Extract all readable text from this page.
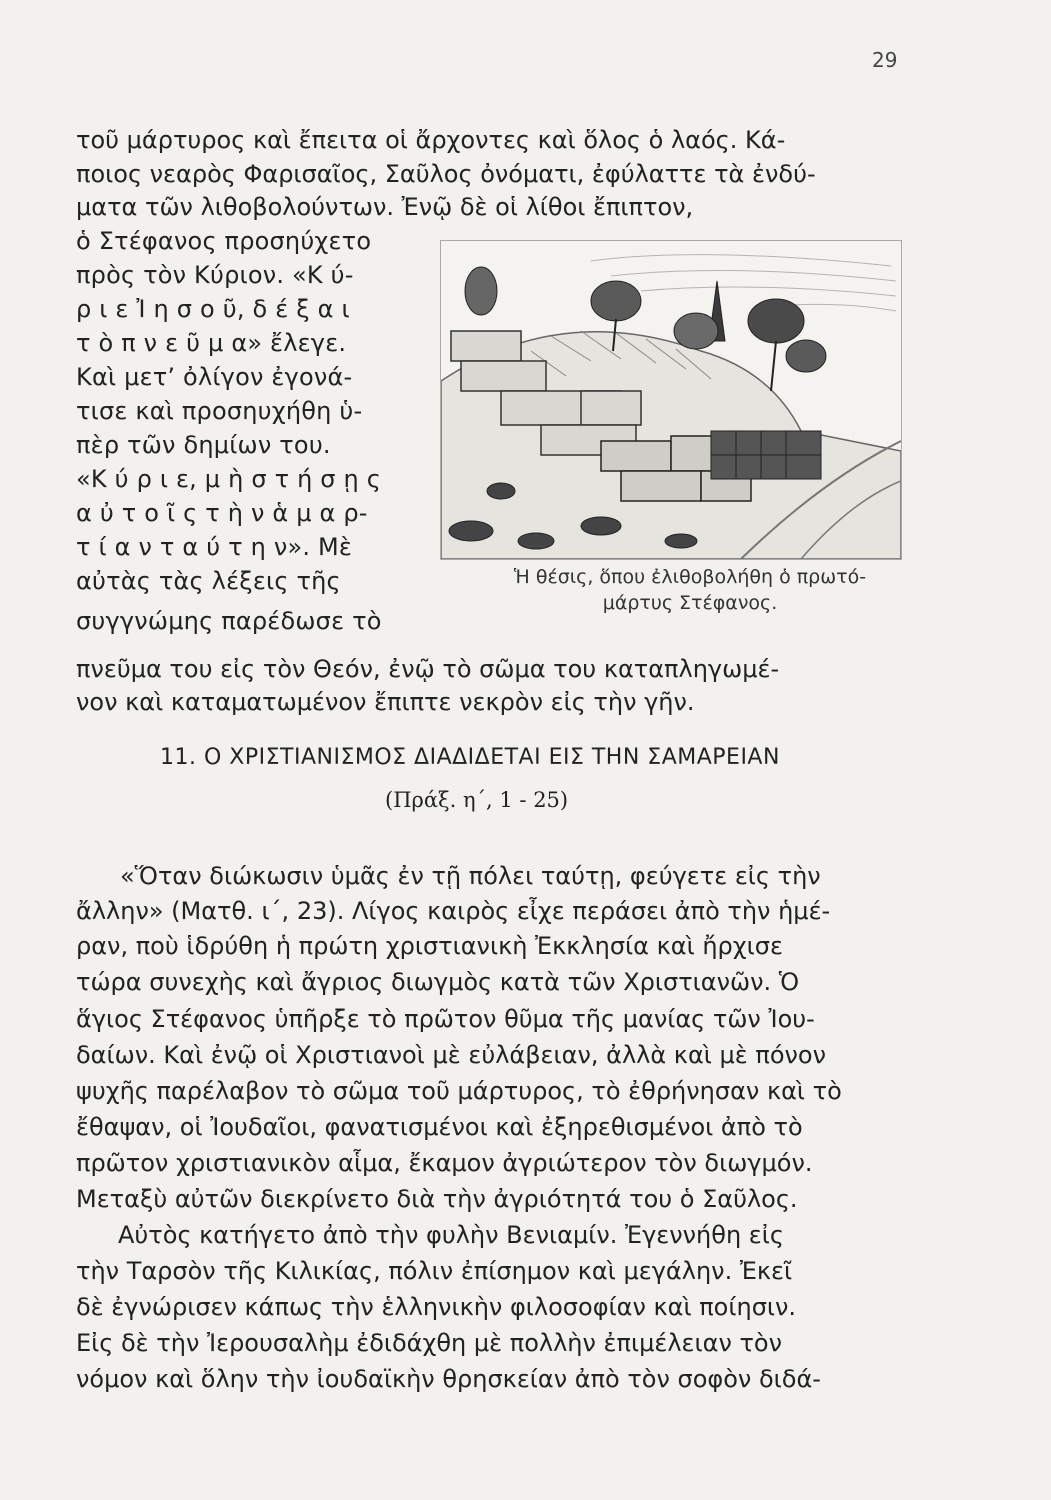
29
τοῦ μάρτυρος καὶ ἔπειτα οἱ ἄρχοντες καὶ ὅλος ὁ λαός. Κά-
ποιος νεαρὸς Φαρισαῖος, Σαῦλος ὀνόματι, ἐφύλαττε τὰ ἐνδύ-
ματα τῶν λιθοβολούντων. Ἐνῷ δὲ οἱ λίθοι ἔπιπτον,
ὁ Στέφανος προσηύχετο
πρὸς τὸν Κύριον. «Κ ύ-
ρ ι ε Ἰ η σ ο ῦ, δ έ ξ α ι
τ ὸ π ν ε ῦ μ α» ἔλεγε.
Καὶ μετ’ ὀλίγον ἐγονά-
τισε καὶ προσηυχήθη ὑ-
πὲρ τῶν δημίων του.
«Κ ύ ρ ι ε, μ ὴ σ τ ή σ ῃ ς
α ὐ τ ο ῖ ς τ ὴ ν ἁ μ α ρ-
τ ί α ν τ α ύ τ η ν». Μὲ
αὐτὰς τὰς λέξεις τῆς
συγγνώμης παρέδωσε τὸ
Ἡ θέσις, ὅπου ἐλιθοβολήθη ὁ πρωτό-
μάρτυς Στέφανος.
πνεῦμα του εἰς τὸν Θεόν, ἐνῷ τὸ σῶμα του καταπληγωμέ-
νον καὶ καταματωμένον ἔπιπτε νεκρὸν εἰς τὴν γῆν.
11. Ο ΧΡΙΣΤΙΑΝΙΣΜΟΣ ΔΙΑΔΙΔΕΤΑΙ ΕΙΣ ΤΗΝ ΣΑΜΑΡΕΙΑΝ
(Πράξ. η΄, 1 - 25)
«Ὅταν διώκωσιν ὑμᾶς ἐν τῇ πόλει ταύτῃ, φεύγετε εἰς τὴν
ἄλλην» (Ματθ. ι΄, 23). Λίγος καιρὸς εἶχε περάσει ἀπὸ τὴν ἡμέ-
ραν, ποὺ ἱδρύθη ἡ πρώτη χριστιανικὴ Ἐκκλησία καὶ ἤρχισε
τώρα συνεχὴς καὶ ἄγριος διωγμὸς κατὰ τῶν Χριστιανῶν. Ὁ
ἅγιος Στέφανος ὑπῆρξε τὸ πρῶτον θῦμα τῆς μανίας τῶν Ἰου-
δαίων. Καὶ ἐνῷ οἱ Χριστιανοὶ μὲ εὐλάβειαν, ἀλλὰ καὶ μὲ πόνον
ψυχῆς παρέλαβον τὸ σῶμα τοῦ μάρτυρος, τὸ ἐθρήνησαν καὶ τὸ
ἔθαψαν, οἱ Ἰουδαῖοι, φανατισμένοι καὶ ἐξηρεθισμένοι ἀπὸ τὸ
πρῶτον χριστιανικὸν αἷμα, ἔκαμον ἀγριώτερον τὸν διωγμόν.
Μεταξὺ αὐτῶν διεκρίνετο διὰ τὴν ἀγριότητά του ὁ Σαῦλος.
Αὐτὸς κατήγετο ἀπὸ τὴν φυλὴν Βενιαμίν. Ἐγεννήθη εἰς
τὴν Ταρσὸν τῆς Κιλικίας, πόλιν ἐπίσημον καὶ μεγάλην. Ἐκεῖ
δὲ ἐγνώρισεν κάπως τὴν ἑλληνικὴν φιλοσοφίαν καὶ ποίησιν.
Εἰς δὲ τὴν Ἰερουσαλὴμ ἐδιδάχθη μὲ πολλὴν ἐπιμέλειαν τὸν
νόμον καὶ ὅλην τὴν ἰουδαϊκὴν θρησκείαν ἀπὸ τὸν σοφὸν διδά-
